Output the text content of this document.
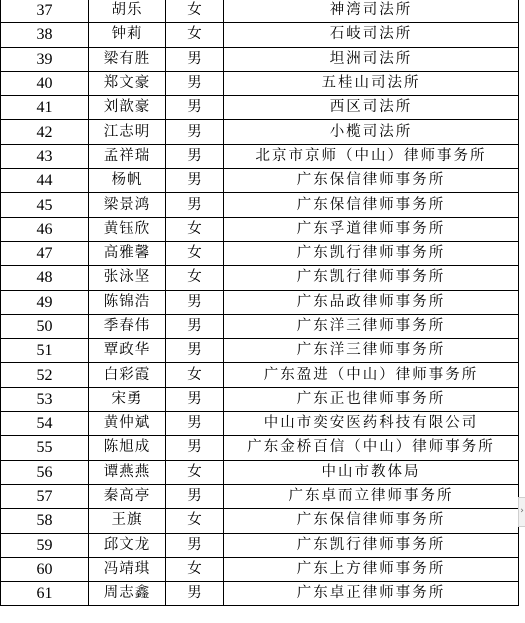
37	胡乐	女	神湾司法所
38	钟莉	女	石岐司法所
39	梁有胜	男	坦洲司法所
40	郑文豪	男	五桂山司法所
41	刘歆豪	男	西区司法所
42	江志明	男	小榄司法所
43	孟祥瑞	男	北京市京师（中山）律师事务所
44	杨帆	男	广东保信律师事务所
45	梁景鸿	男	广东保信律师事务所
46	黄钰欣	女	广东孚道律师事务所
47	高雅馨	女	广东凯行律师事务所
48	张泳坚	女	广东凯行律师事务所
49	陈锦浩	男	广东品政律师事务所
50	季春伟	男	广东洋三律师事务所
51	覃政华	男	广东洋三律师事务所
52	白彩霞	女	广东盈进（中山）律师事务所
53	宋勇	男	广东正也律师事务所
54	黄仲斌	男	中山市奕安医药科技有限公司
55	陈旭成	男	广东金桥百信（中山）律师事务所
56	谭燕燕	女	中山市教体局
57	秦高亭	男	广东卓而立律师事务所
58	王旗	女	广东保信律师事务所
59	邱文龙	男	广东凯行律师事务所
60	冯靖琪	女	广东上方律师事务所
61	周志鑫	男	广东卓正律师事务所
›
